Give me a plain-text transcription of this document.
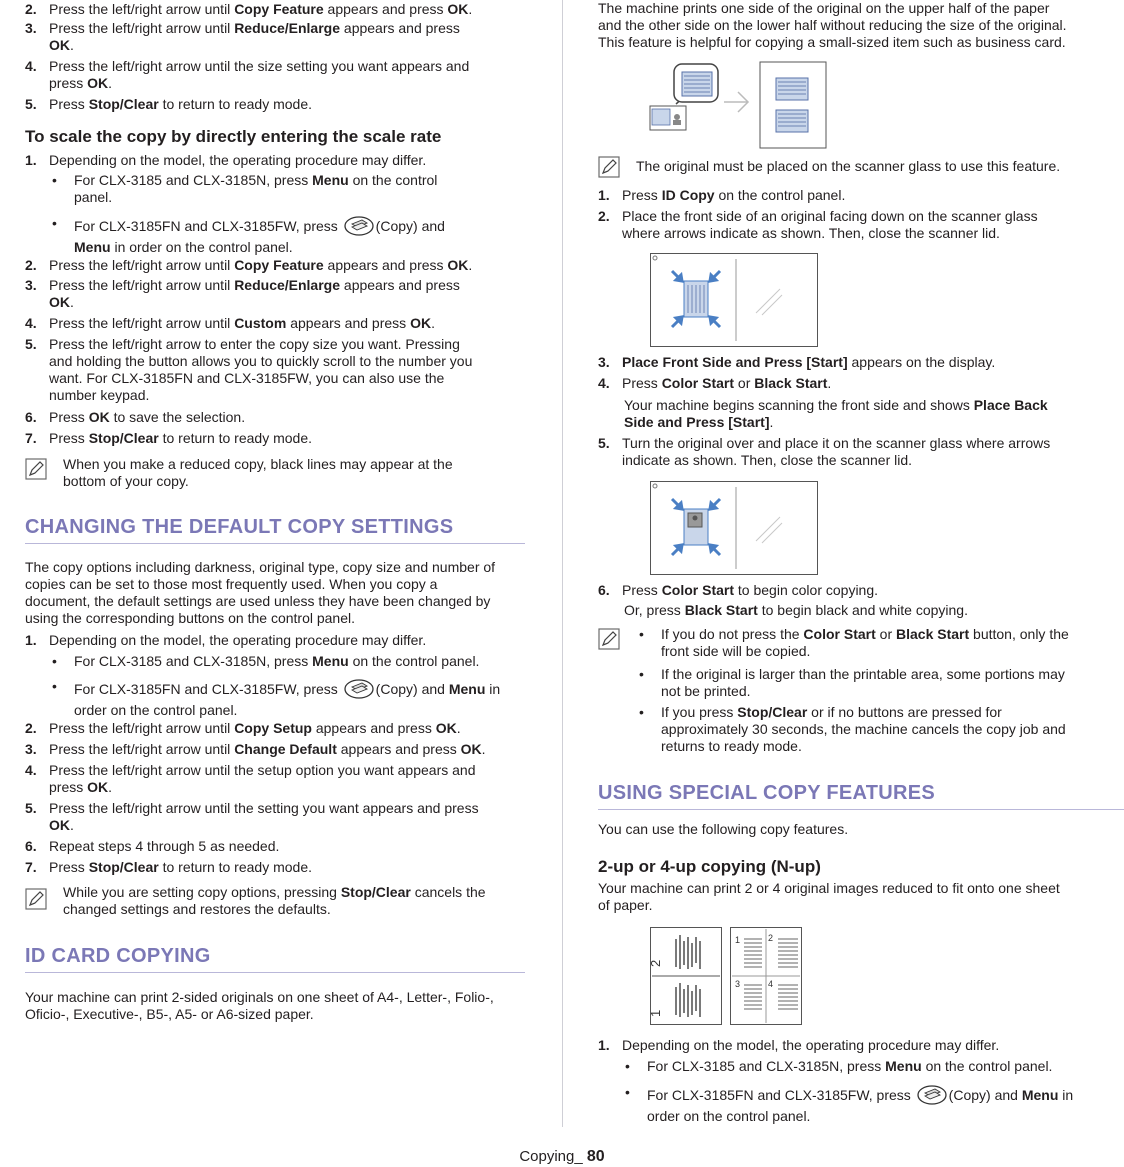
2. Press the left/right arrow until Copy Feature appears and press OK.
3. Press the left/right arrow until Reduce/Enlarge appears and press
OK.
4. Press the left/right arrow until the size setting you want appears and
press OK.
5. Press Stop/Clear to return to ready mode.
To scale the copy by directly entering the scale rate
1. Depending on the model, the operating procedure may differ.
• For CLX-3185 and CLX-3185N, press Menu on the control
panel.
• For CLX-3185FN and CLX-3185FW, press (Copy) and
Menu in order on the control panel.
2. Press the left/right arrow until Copy Feature appears and press OK.
3. Press the left/right arrow until Reduce/Enlarge appears and press
OK.
4. Press the left/right arrow until Custom appears and press OK.
5. Press the left/right arrow to enter the copy size you want. Pressing
and holding the button allows you to quickly scroll to the number you
want. For CLX-3185FN and CLX-3185FW, you can also use the
number keypad.
6. Press OK to save the selection.
7. Press Stop/Clear to return to ready mode.
When you make a reduced copy, black lines may appear at the
bottom of your copy.
CHANGING THE DEFAULT COPY SETTINGS
The copy options including darkness, original type, copy size and number of
copies can be set to those most frequently used. When you copy a
document, the default settings are used unless they have been changed by
using the corresponding buttons on the control panel.
1. Depending on the model, the operating procedure may differ.
• For CLX-3185 and CLX-3185N, press Menu on the control panel.
• For CLX-3185FN and CLX-3185FW, press (Copy) and Menu in
order on the control panel.
2. Press the left/right arrow until Copy Setup appears and press OK.
3. Press the left/right arrow until Change Default appears and press OK.
4. Press the left/right arrow until the setup option you want appears and
press OK.
5. Press the left/right arrow until the setting you want appears and press
OK.
6. Repeat steps 4 through 5 as needed.
7. Press Stop/Clear to return to ready mode.
While you are setting copy options, pressing Stop/Clear cancels the
changed settings and restores the defaults.
ID CARD COPYING
Your machine can print 2-sided originals on one sheet of A4-, Letter-, Folio-,
Oficio-, Executive-, B5-, A5- or A6-sized paper.
The machine prints one side of the original on the upper half of the paper
and the other side on the lower half without reducing the size of the original.
This feature is helpful for copying a small-sized item such as business card.
The original must be placed on the scanner glass to use this feature.
1. Press ID Copy on the control panel.
2. Place the front side of an original facing down on the scanner glass
where arrows indicate as shown. Then, close the scanner lid.
3. Place Front Side and Press [Start] appears on the display.
4. Press Color Start or Black Start.
Your machine begins scanning the front side and shows Place Back
Side and Press [Start].
5. Turn the original over and place it on the scanner glass where arrows
indicate as shown. Then, close the scanner lid.
6. Press Color Start to begin color copying.
Or, press Black Start to begin black and white copying.
• If you do not press the Color Start or Black Start button, only the
front side will be copied.
• If the original is larger than the printable area, some portions may
not be printed.
• If you press Stop/Clear or if no buttons are pressed for
approximately 30 seconds, the machine cancels the copy job and
returns to ready mode.
USING SPECIAL COPY FEATURES
You can use the following copy features.
2-up or 4-up copying (N-up)
Your machine can print 2 or 4 original images reduced to fit onto one sheet
of paper.
2
1
1	2
3	4
1. Depending on the model, the operating procedure may differ.
• For CLX-3185 and CLX-3185N, press Menu on the control panel.
• For CLX-3185FN and CLX-3185FW, press (Copy) and Menu in
order on the control panel.
Copying_ 80
